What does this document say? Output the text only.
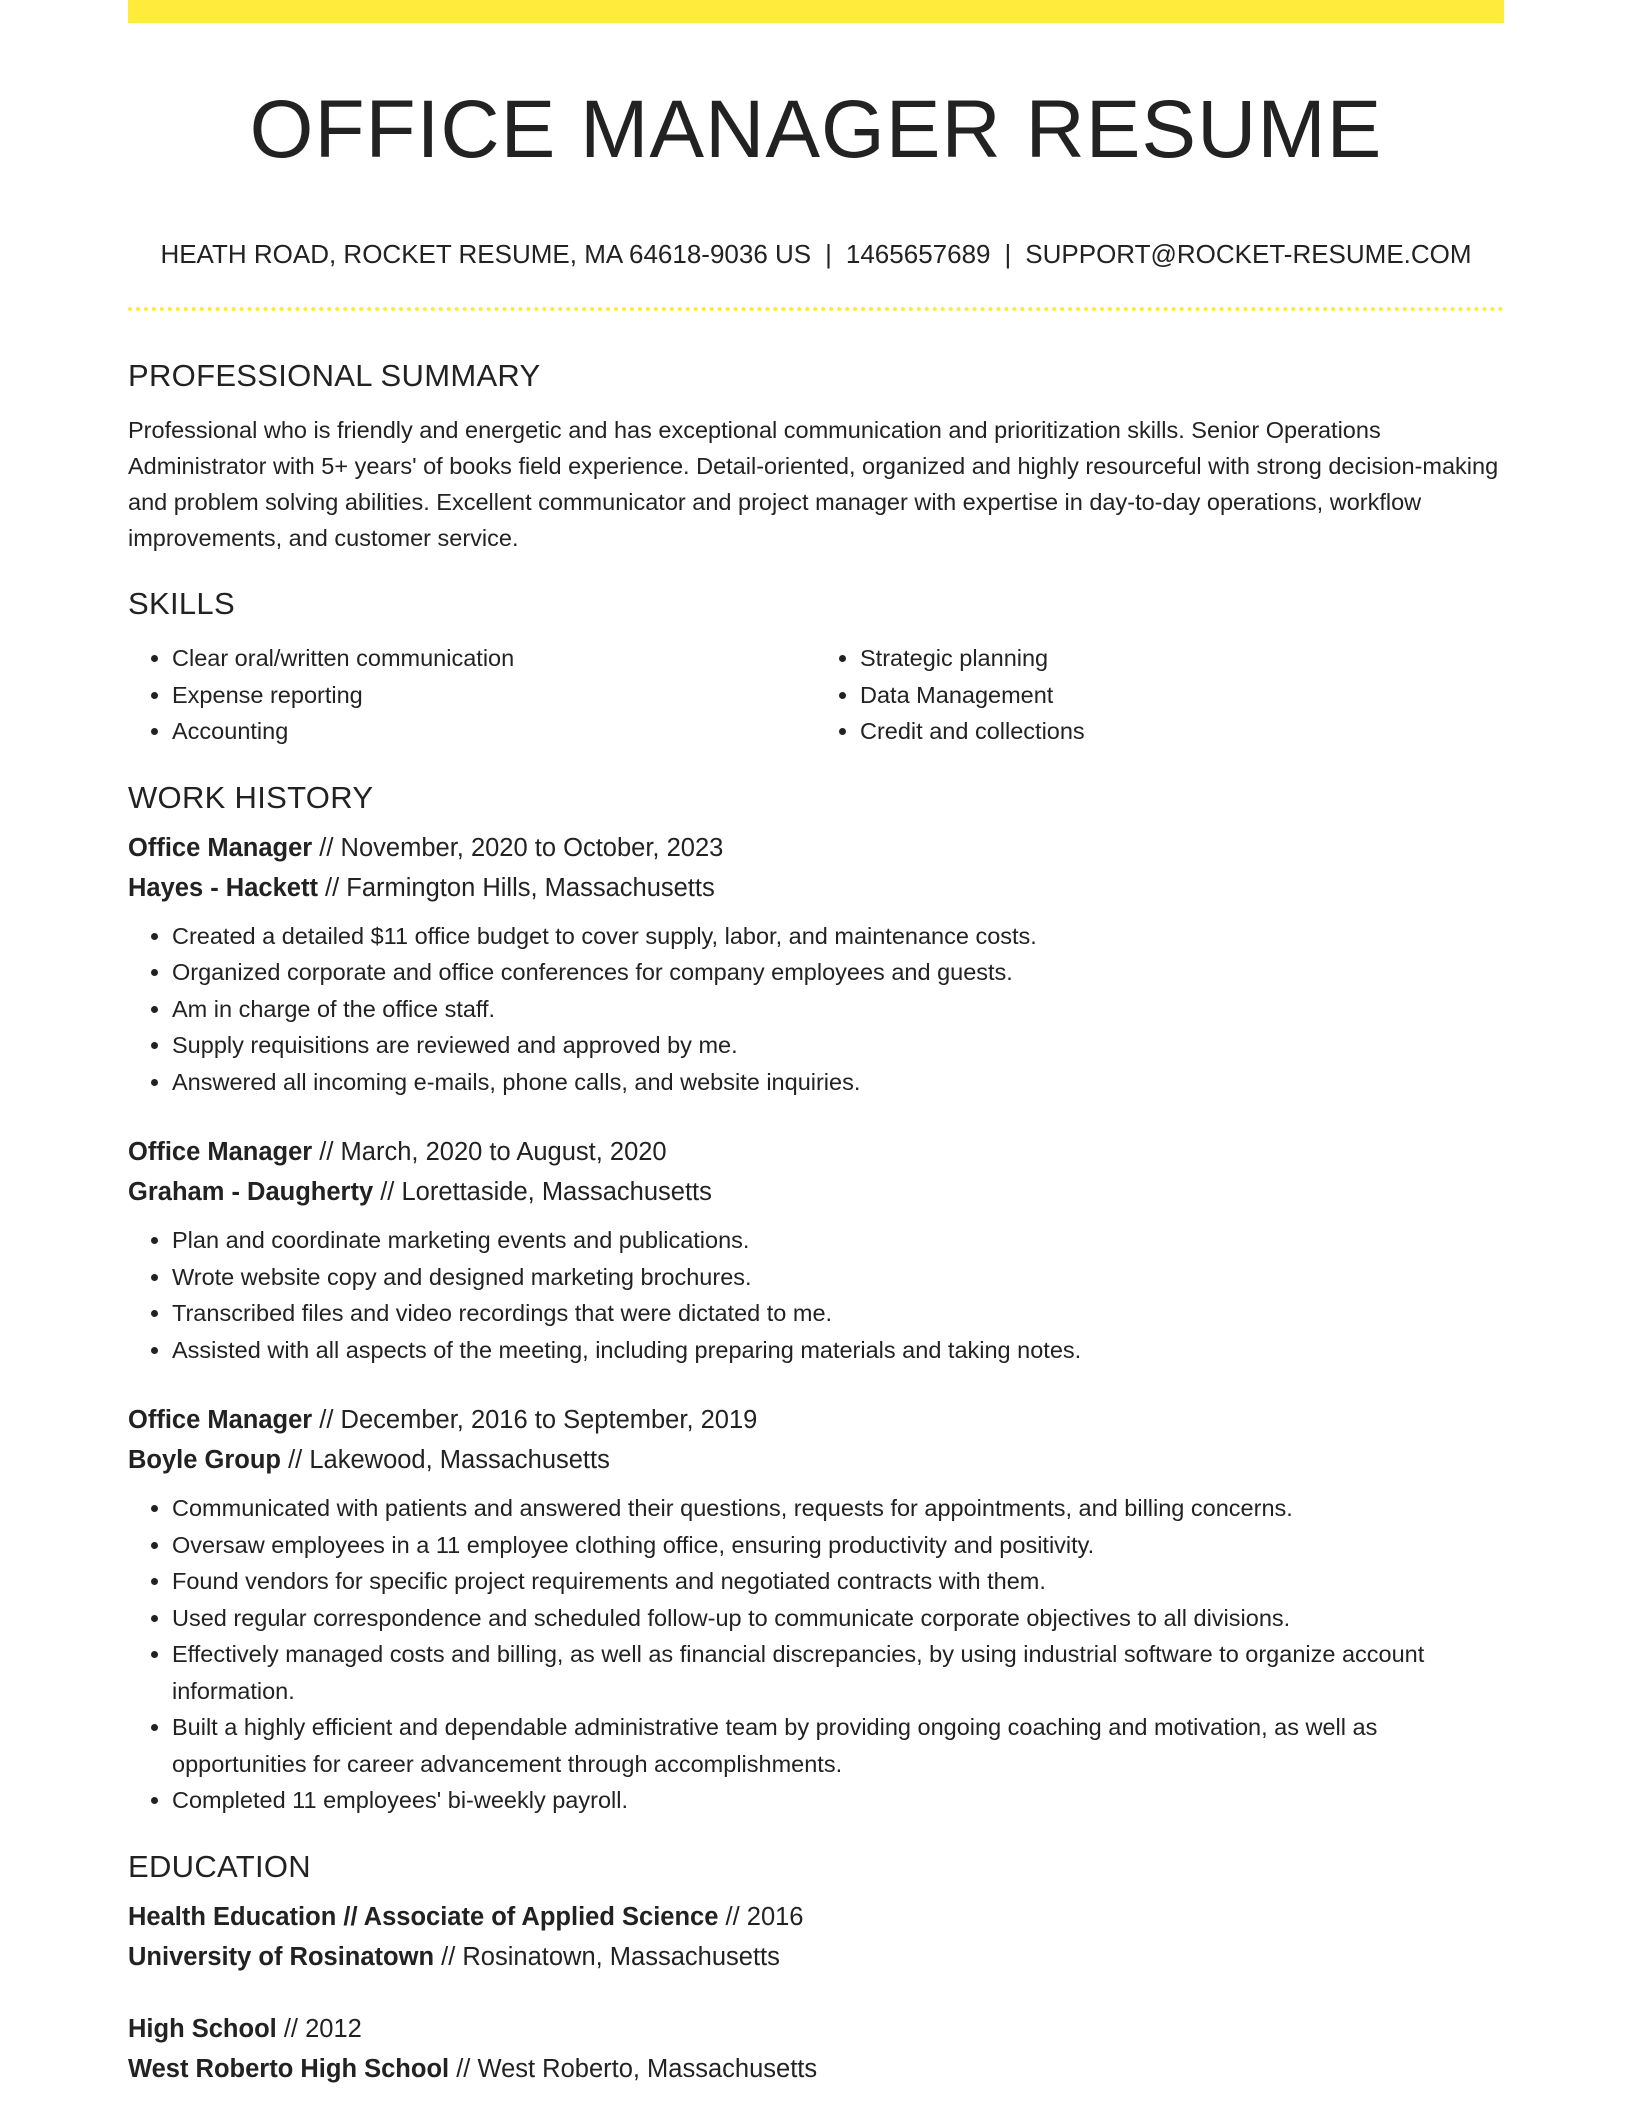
OFFICE MANAGER RESUME
HEATH ROAD, ROCKET RESUME, MA 64618-9036 US | 1465657689 | SUPPORT@ROCKET-RESUME.COM
PROFESSIONAL SUMMARY

Professional who is friendly and energetic and has exceptional communication and prioritization skills. Senior Operations Administrator with 5+ years' of books field experience. Detail-oriented, organized and highly resourceful with strong decision-making and problem solving abilities. Excellent communicator and project manager with expertise in day-to-day operations, workflow improvements, and customer service.

SKILLS
• Clear oral/written communication
• Expense reporting
• Accounting
• Strategic planning
• Data Management
• Credit and collections
WORK HISTORY
Office Manager // November, 2020 to October, 2023
Hayes - Hackett // Farmington Hills, Massachusetts
• Created a detailed $11 office budget to cover supply, labor, and maintenance costs.
• Organized corporate and office conferences for company employees and guests.
• Am in charge of the office staff.
• Supply requisitions are reviewed and approved by me.
• Answered all incoming e-mails, phone calls, and website inquiries.
Office Manager // March, 2020 to August, 2020
Graham - Daugherty // Lorettaside, Massachusetts
• Plan and coordinate marketing events and publications.
• Wrote website copy and designed marketing brochures.
• Transcribed files and video recordings that were dictated to me.
• Assisted with all aspects of the meeting, including preparing materials and taking notes.
Office Manager // December, 2016 to September, 2019
Boyle Group // Lakewood, Massachusetts
• Communicated with patients and answered their questions, requests for appointments, and billing concerns.
• Oversaw employees in a 11 employee clothing office, ensuring productivity and positivity.
• Found vendors for specific project requirements and negotiated contracts with them.
• Used regular correspondence and scheduled follow-up to communicate corporate objectives to all divisions.
• Effectively managed costs and billing, as well as financial discrepancies, by using industrial software to organize account information.
• Built a highly efficient and dependable administrative team by providing ongoing coaching and motivation, as well as opportunities for career advancement through accomplishments.
• Completed 11 employees' bi-weekly payroll.
EDUCATION
Health Education // Associate of Applied Science // 2016
University of Rosinatown // Rosinatown, Massachusetts
High School // 2012
West Roberto High School // West Roberto, Massachusetts
